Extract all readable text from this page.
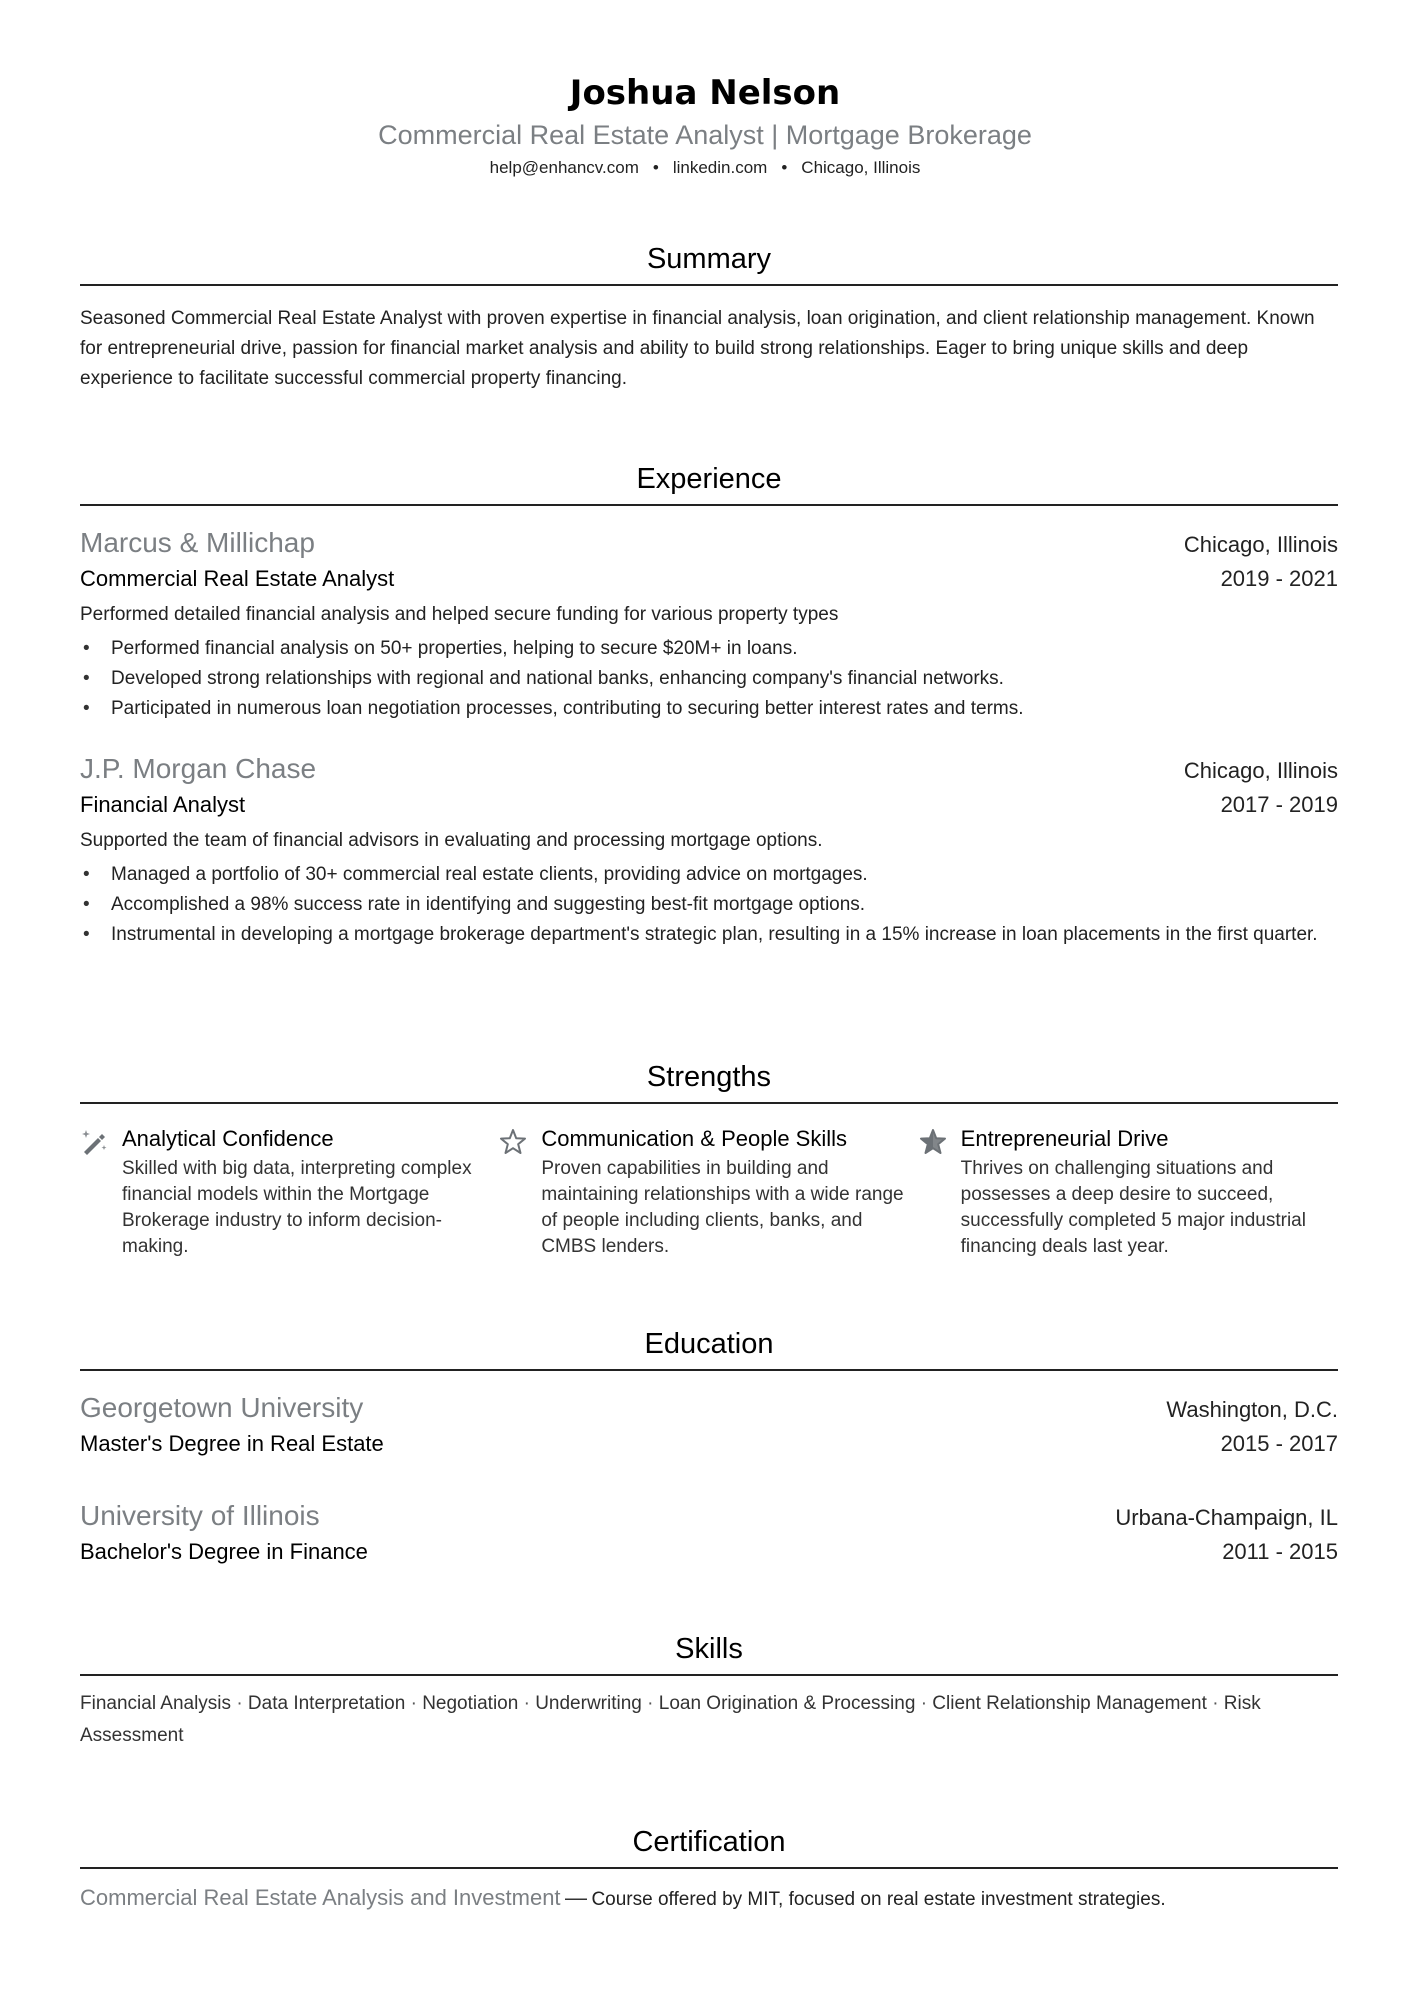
Joshua Nelson
Commercial Real Estate Analyst | Mortgage Brokerage
help@enhancv.com • linkedin.com • Chicago, Illinois
Summary
Seasoned Commercial Real Estate Analyst with proven expertise in financial analysis, loan origination, and client relationship management. Known for entrepreneurial drive, passion for financial market analysis and ability to build strong relationships. Eager to bring unique skills and deep experience to facilitate successful commercial property financing.
Experience
Marcus & Millichap	Chicago, Illinois
Commercial Real Estate Analyst	2019 - 2021
Performed detailed financial analysis and helped secure funding for various property types
• Performed financial analysis on 50+ properties, helping to secure $20M+ in loans.
• Developed strong relationships with regional and national banks, enhancing company's financial networks.
• Participated in numerous loan negotiation processes, contributing to securing better interest rates and terms.
J.P. Morgan Chase	Chicago, Illinois
Financial Analyst	2017 - 2019
Supported the team of financial advisors in evaluating and processing mortgage options.
• Managed a portfolio of 30+ commercial real estate clients, providing advice on mortgages.
• Accomplished a 98% success rate in identifying and suggesting best-fit mortgage options.
• Instrumental in developing a mortgage brokerage department's strategic plan, resulting in a 15% increase in loan placements in the first quarter.
Strengths
Analytical Confidence
Skilled with big data, interpreting complex financial models within the Mortgage Brokerage industry to inform decision-making.
Communication & People Skills
Proven capabilities in building and maintaining relationships with a wide range of people including clients, banks, and CMBS lenders.
Entrepreneurial Drive
Thrives on challenging situations and possesses a deep desire to succeed, successfully completed 5 major industrial financing deals last year.
Education
Georgetown University	Washington, D.C.
Master's Degree in Real Estate	2015 - 2017
University of Illinois	Urbana-Champaign, IL
Bachelor's Degree in Finance	2011 - 2015
Skills
Financial Analysis · Data Interpretation · Negotiation · Underwriting · Loan Origination & Processing · Client Relationship Management · Risk Assessment
Certification
Commercial Real Estate Analysis and Investment — Course offered by MIT, focused on real estate investment strategies.
